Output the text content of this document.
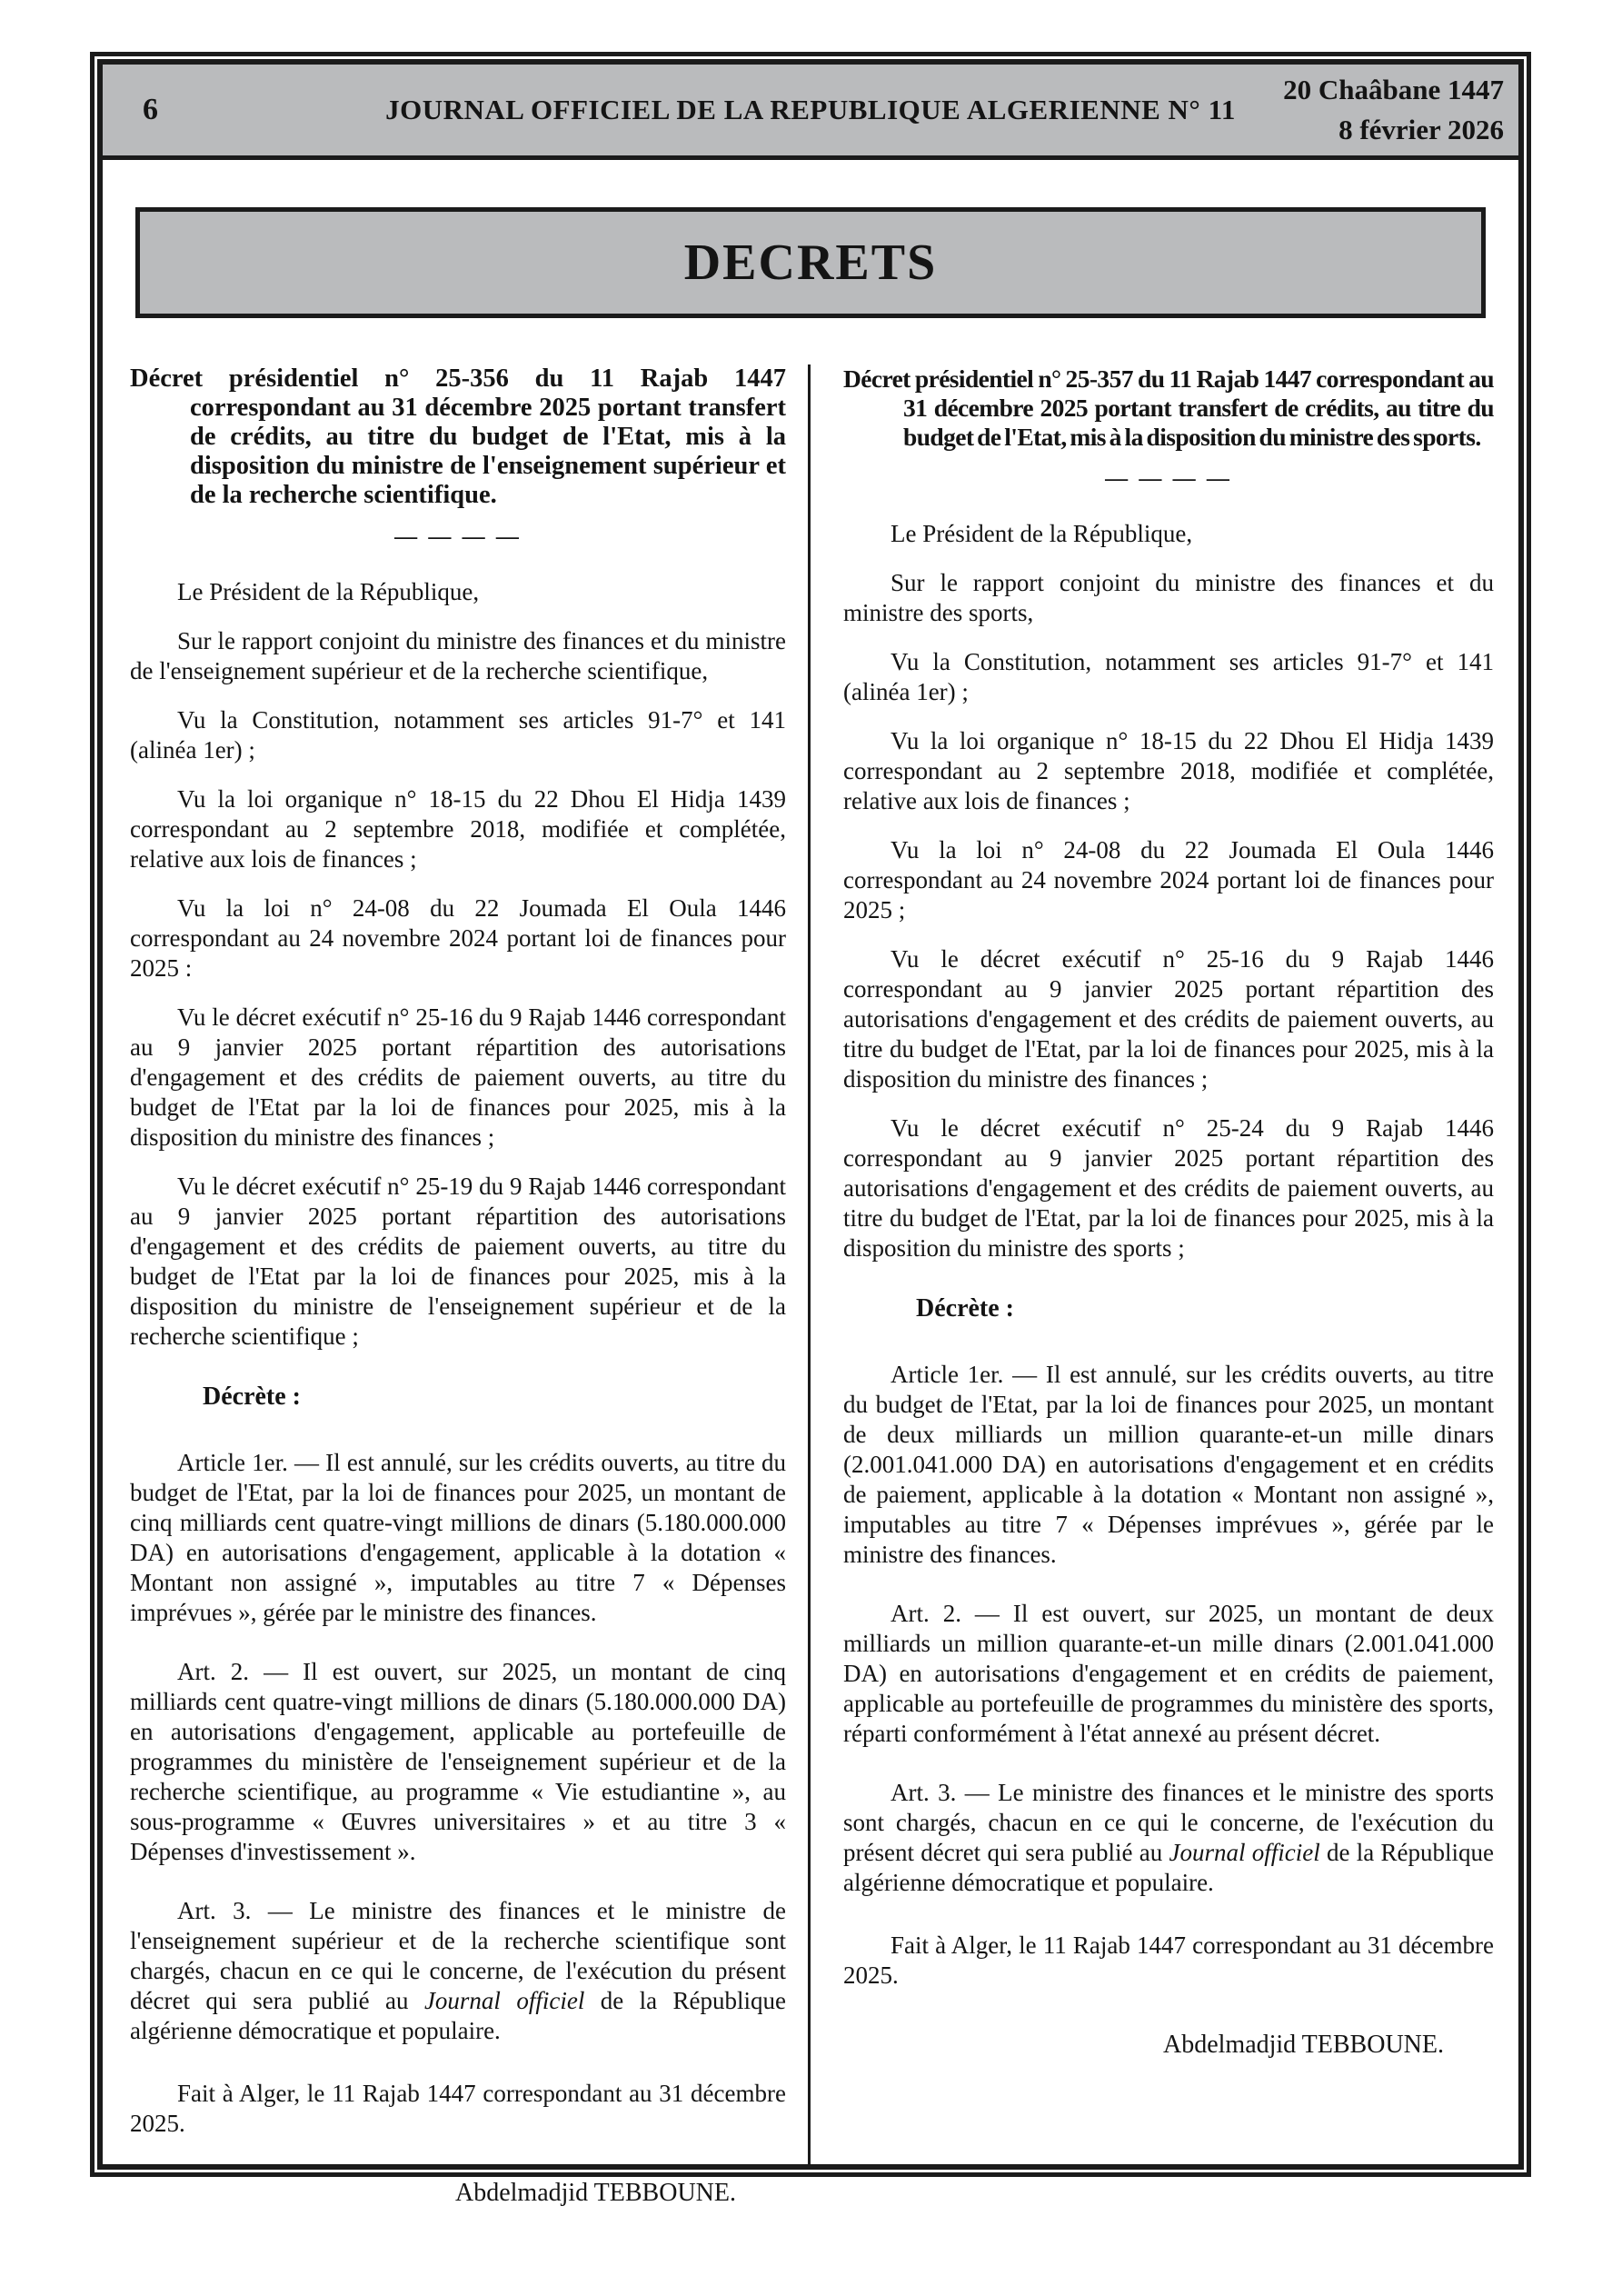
6	JOURNAL OFFICIEL DE LA REPUBLIQUE ALGERIENNE N° 11
20 Chaâbane 1447
8 février 2026
DECRETS

Décret présidentiel n° 25-356 du 11 Rajab 1447 correspondant au 31 décembre 2025 portant transfert de crédits, au titre du budget de l'Etat, mis à la disposition du ministre de l'enseignement supérieur et de la recherche scientifique.

— — — —

Le Président de la République,

Sur le rapport conjoint du ministre des finances et du ministre de l'enseignement supérieur et de la recherche scientifique,

Vu la Constitution, notamment ses articles 91-7° et 141 (alinéa 1er) ;

Vu la loi organique n° 18-15 du 22 Dhou El Hidja 1439 correspondant au 2 septembre 2018, modifiée et complétée, relative aux lois de finances ;

Vu la loi n° 24-08 du 22 Joumada El Oula 1446 correspondant au 24 novembre 2024 portant loi de finances pour 2025 :

Vu le décret exécutif n° 25-16 du 9 Rajab 1446 correspondant au 9 janvier 2025 portant répartition des autorisations d'engagement et des crédits de paiement ouverts, au titre du budget de l'Etat par la loi de finances pour 2025, mis à la disposition du ministre des finances ;

Vu le décret exécutif n° 25-19 du 9 Rajab 1446 correspondant au 9 janvier 2025 portant répartition des autorisations d'engagement et des crédits de paiement ouverts, au titre du budget de l'Etat par la loi de finances pour 2025, mis à la disposition du ministre de l'enseignement supérieur et de la recherche scientifique ;

Décrète :

Article 1er. — Il est annulé, sur les crédits ouverts, au titre du budget de l'Etat, par la loi de finances pour 2025, un montant de cinq milliards cent quatre-vingt millions de dinars (5.180.000.000 DA) en autorisations d'engagement, applicable à la dotation « Montant non assigné », imputables au titre 7 « Dépenses imprévues », gérée par le ministre des finances.

Art. 2. — Il est ouvert, sur 2025, un montant de cinq milliards cent quatre-vingt millions de dinars (5.180.000.000 DA) en autorisations d'engagement, applicable au portefeuille de programmes du ministère de l'enseignement supérieur et de la recherche scientifique, au programme « Vie estudiantine », au sous-programme « Œuvres universitaires » et au titre 3 « Dépenses d'investissement ».

Art. 3. — Le ministre des finances et le ministre de l'enseignement supérieur et de la recherche scientifique sont chargés, chacun en ce qui le concerne, de l'exécution du présent décret qui sera publié au Journal officiel de la République algérienne démocratique et populaire.

Fait à Alger, le 11 Rajab 1447 correspondant au 31 décembre 2025.

Abdelmadjid TEBBOUNE.

Décret présidentiel n° 25-357 du 11 Rajab 1447 correspondant au 31 décembre 2025 portant transfert de crédits, au titre du budget de l'Etat, mis à la disposition du ministre des sports.

— — — —

Le Président de la République,

Sur le rapport conjoint du ministre des finances et du ministre des sports,

Vu la Constitution, notamment ses articles 91-7° et 141 (alinéa 1er) ;

Vu la loi organique n° 18-15 du 22 Dhou El Hidja 1439 correspondant au 2 septembre 2018, modifiée et complétée, relative aux lois de finances ;

Vu la loi n° 24-08 du 22 Joumada El Oula 1446 correspondant au 24 novembre 2024 portant loi de finances pour 2025 ;

Vu le décret exécutif n° 25-16 du 9 Rajab 1446 correspondant au 9 janvier 2025 portant répartition des autorisations d'engagement et des crédits de paiement ouverts, au titre du budget de l'Etat, par la loi de finances pour 2025, mis à la disposition du ministre des finances ;

Vu le décret exécutif n° 25-24 du 9 Rajab 1446 correspondant au 9 janvier 2025 portant répartition des autorisations d'engagement et des crédits de paiement ouverts, au titre du budget de l'Etat, par la loi de finances pour 2025, mis à la disposition du ministre des sports ;

Décrète :

Article 1er. — Il est annulé, sur les crédits ouverts, au titre du budget de l'Etat, par la loi de finances pour 2025, un montant de deux milliards un million quarante-et-un mille dinars (2.001.041.000 DA) en autorisations d'engagement et en crédits de paiement, applicable à la dotation « Montant non assigné », imputables au titre 7 « Dépenses imprévues », gérée par le ministre des finances.

Art. 2. — Il est ouvert, sur 2025, un montant de deux milliards un million quarante-et-un mille dinars (2.001.041.000 DA) en autorisations d'engagement et en crédits de paiement, applicable au portefeuille de programmes du ministère des sports, réparti conformément à l'état annexé au présent décret.

Art. 3. — Le ministre des finances et le ministre des sports sont chargés, chacun en ce qui le concerne, de l'exécution du présent décret qui sera publié au Journal officiel de la République algérienne démocratique et populaire.

Fait à Alger, le 11 Rajab 1447 correspondant au 31 décembre 2025.

Abdelmadjid TEBBOUNE.
